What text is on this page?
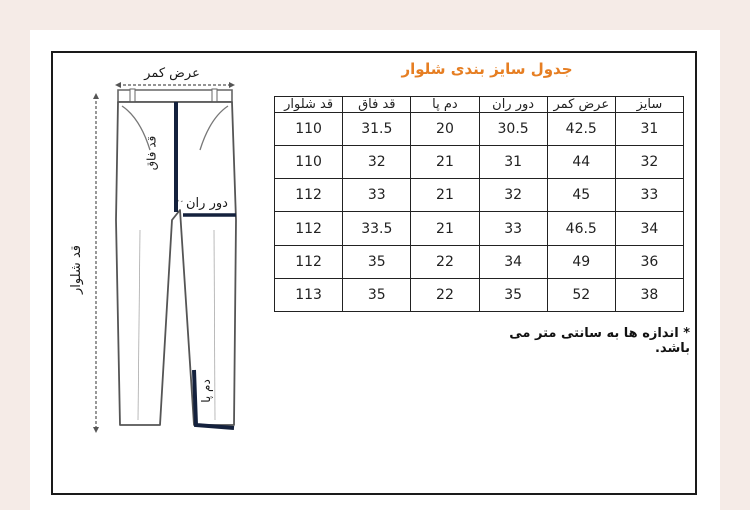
جدول سایز بندی شلوار
سایز	عرض کمر	دور ران	دم پا	قد فاق	قد شلوار
31	42.5	30.5	20	31.5	110
32	44	31	21	32	110
33	45	32	21	33	112
34	46.5	33	21	33.5	112
36	49	34	22	35	112
38	52	35	22	35	113
* اندازه ها به سانتی متر می باشد.
عرض کمر
قد فاق
دور ران
قد شلوار
دم پا
